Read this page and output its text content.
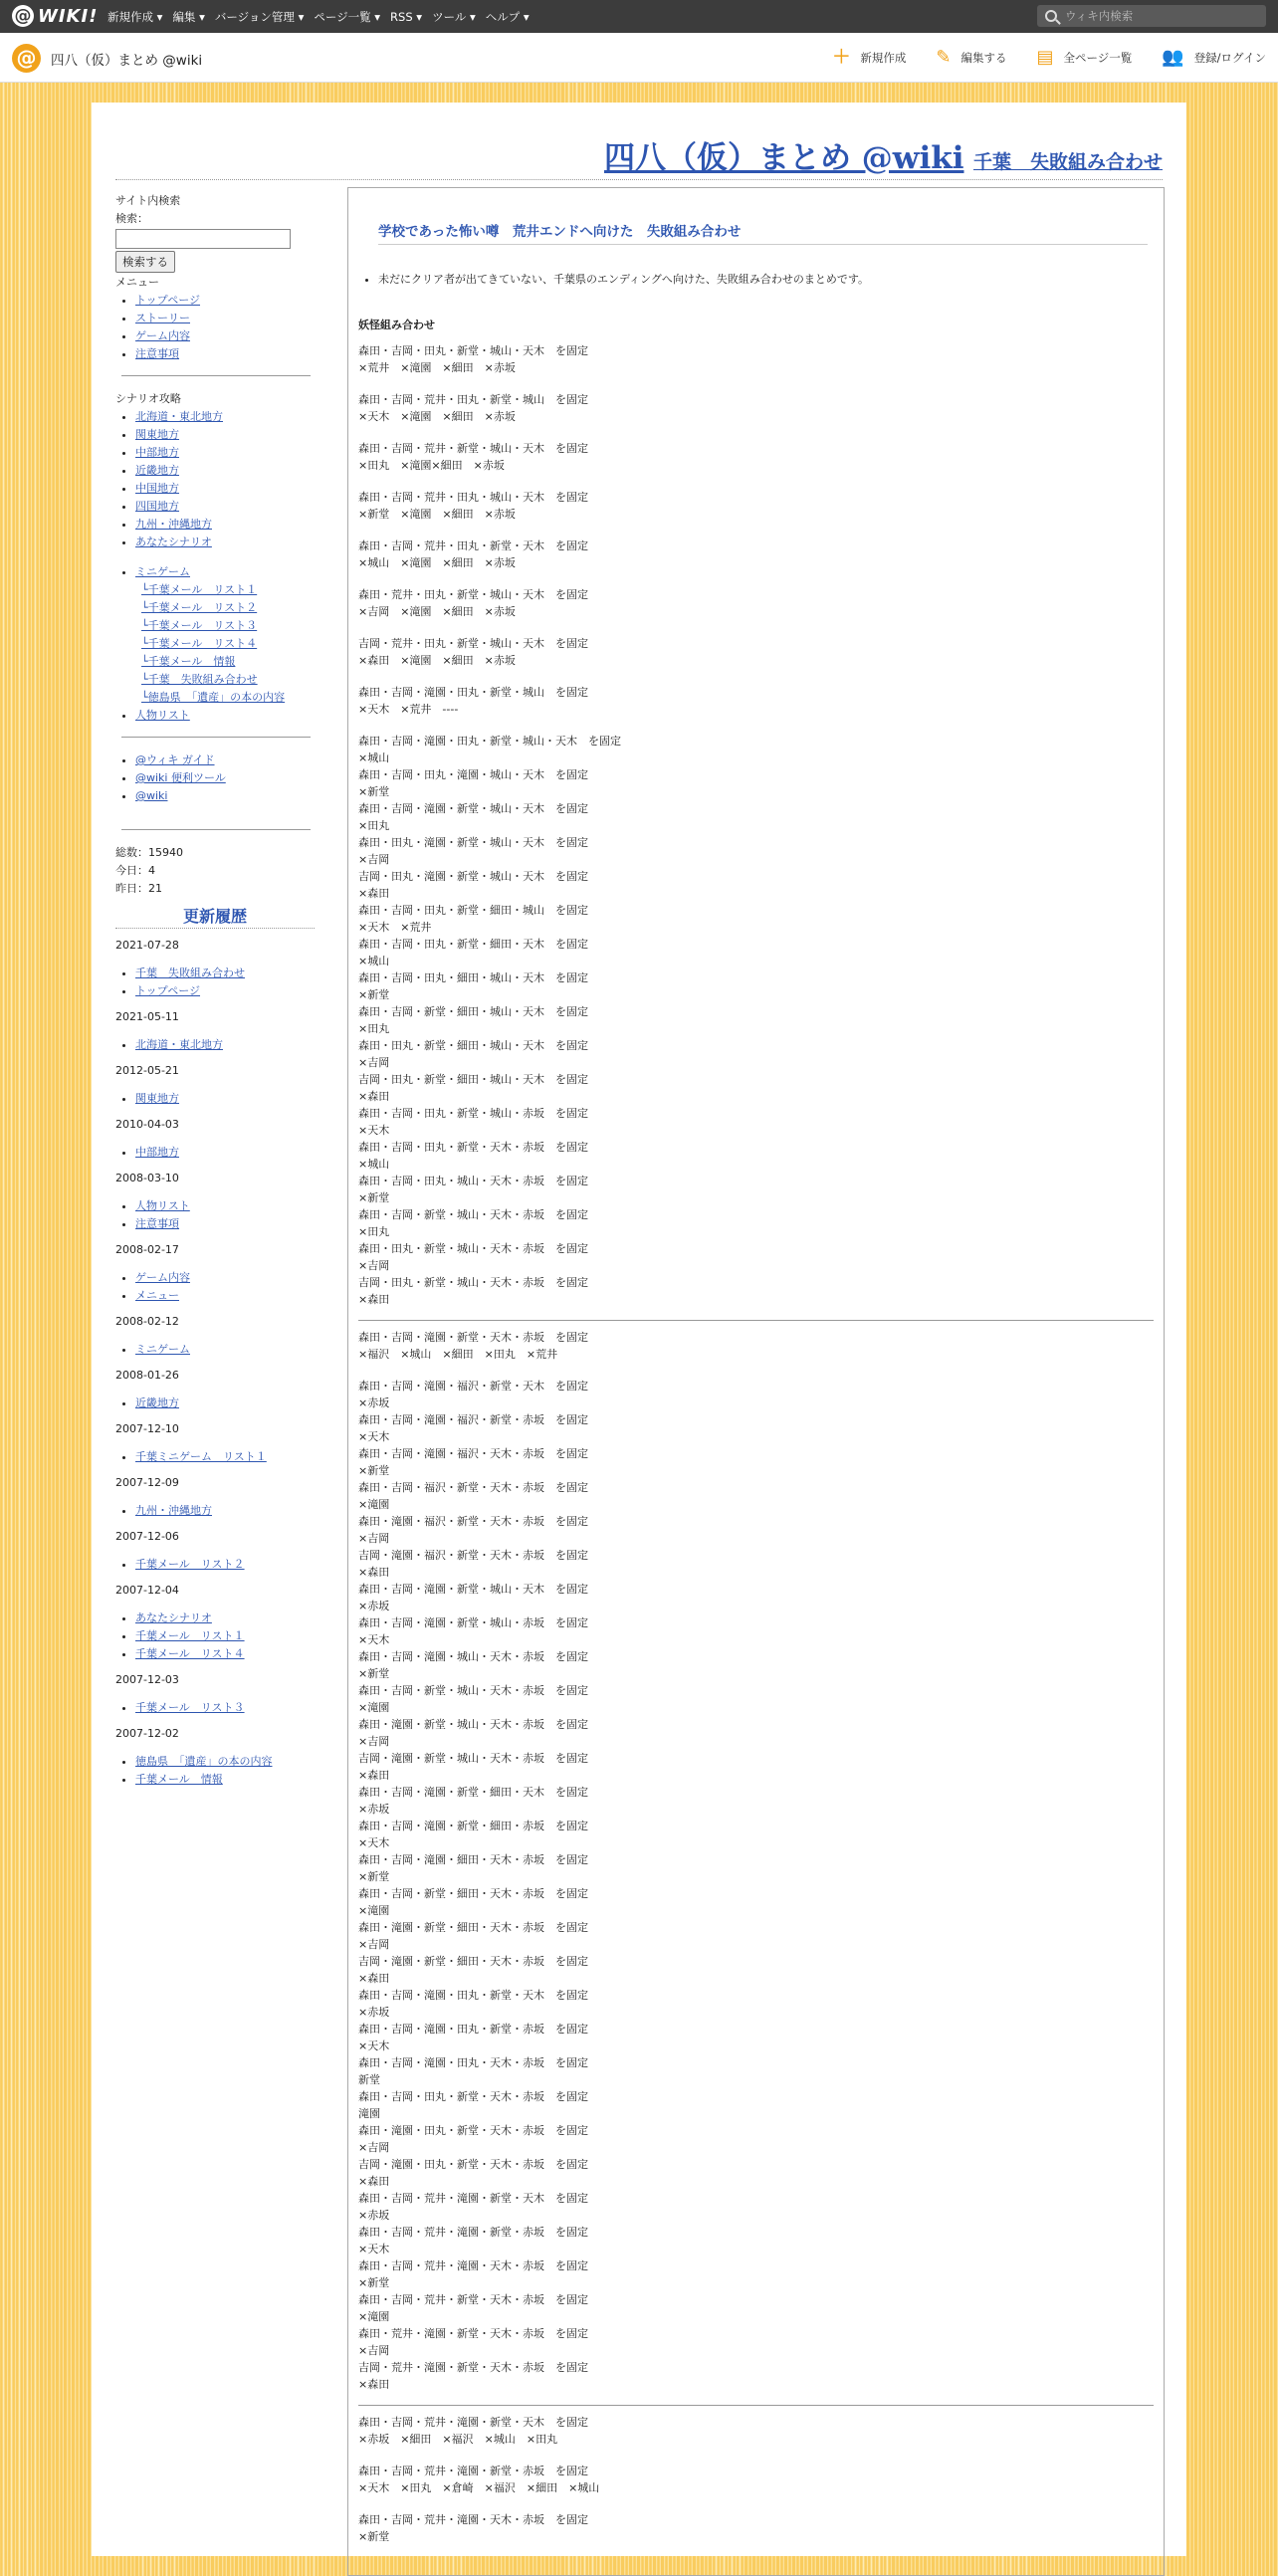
@ WIKI! 新規作成 ▾ 編集 ▾ バージョン管理 ▾ ページ一覧 ▾ RSS ▾ ツール ▾ ヘルプ ▾	ウィキ内検索
@	四八（仮）まとめ @wiki	＋ 新規作成 ✎ 編集する ▤ 全ページ一覧 👥 登録/ログイン
四八（仮）まとめ @wiki 千葉　失敗組み合わせ
サイト内検索
検索：
検索する
メニュー
• トップページ
• ストーリー
• ゲーム内容
• 注意事項
シナリオ攻略
• 北海道・東北地方
• 関東地方
• 中部地方
• 近畿地方
• 中国地方
• 四国地方
• 九州・沖縄地方
• あなたシナリオ
• ミニゲーム
└千葉メール　リスト１
└千葉メール　リスト２
└千葉メール　リスト３
└千葉メール　リスト４
└千葉メール　情報
└千葉　失敗組み合わせ
└徳島県　「遺産」の本の内容
• 人物リスト
• @ウィキ ガイド
• @wiki 便利ツール
• @wiki
総数：15940
今日：4
昨日：21
更新履歴
2021-07-28
• 千葉　失敗組み合わせ
• トップページ
2021-05-11
• 北海道・東北地方
2012-05-21
• 関東地方
2010-04-03
• 中部地方
2008-03-10
• 人物リスト
• 注意事項
2008-02-17
• ゲーム内容
• メニュー
2008-02-12
• ミニゲーム
2008-01-26
• 近畿地方
2007-12-10
• 千葉ミニゲーム　リスト１
2007-12-09
• 九州・沖縄地方
2007-12-06
• 千葉メール　リスト２
2007-12-04
• あなたシナリオ
• 千葉メール　リスト１
• 千葉メール　リスト４
2007-12-03
• 千葉メール　リスト３
2007-12-02
• 徳島県　「遺産」の本の内容
• 千葉メール　情報
学校であった怖い噂　荒井エンドへ向けた　失敗組み合わせ
• 未だにクリア者が出てきていない、千葉県のエンディングへ向けた、失敗組み合わせのまとめです。
妖怪組み合わせ
森田・吉岡・田丸・新堂・城山・天木　を固定
×荒井　×滝園　×細田　×赤坂
森田・吉岡・荒井・田丸・新堂・城山　を固定
×天木　×滝園　×細田　×赤坂
森田・吉岡・荒井・新堂・城山・天木　を固定
×田丸　×滝園×細田　×赤坂
森田・吉岡・荒井・田丸・城山・天木　を固定
×新堂　×滝園　×細田　×赤坂
森田・吉岡・荒井・田丸・新堂・天木　を固定
×城山　×滝園　×細田　×赤坂
森田・荒井・田丸・新堂・城山・天木　を固定
×吉岡　×滝園　×細田　×赤坂
吉岡・荒井・田丸・新堂・城山・天木　を固定
×森田　×滝園　×細田　×赤坂
森田・吉岡・滝園・田丸・新堂・城山　を固定
×天木　×荒井　----
森田・吉岡・滝園・田丸・新堂・城山・天木　を固定
×城山
森田・吉岡・田丸・滝園・城山・天木　を固定
×新堂
森田・吉岡・滝園・新堂・城山・天木　を固定
×田丸
森田・田丸・滝園・新堂・城山・天木　を固定
×吉岡
吉岡・田丸・滝園・新堂・城山・天木　を固定
×森田
森田・吉岡・田丸・新堂・細田・城山　を固定
×天木　×荒井
森田・吉岡・田丸・新堂・細田・天木　を固定
×城山
森田・吉岡・田丸・細田・城山・天木　を固定
×新堂
森田・吉岡・新堂・細田・城山・天木　を固定
×田丸
森田・田丸・新堂・細田・城山・天木　を固定
×吉岡
吉岡・田丸・新堂・細田・城山・天木　を固定
×森田
森田・吉岡・田丸・新堂・城山・赤坂　を固定
×天木
森田・吉岡・田丸・新堂・天木・赤坂　を固定
×城山
森田・吉岡・田丸・城山・天木・赤坂　を固定
×新堂
森田・吉岡・新堂・城山・天木・赤坂　を固定
×田丸
森田・田丸・新堂・城山・天木・赤坂　を固定
×吉岡
吉岡・田丸・新堂・城山・天木・赤坂　を固定
×森田
森田・吉岡・滝園・新堂・天木・赤坂　を固定
×福沢　×城山　×細田　×田丸　×荒井
森田・吉岡・滝園・福沢・新堂・天木　を固定
×赤坂
森田・吉岡・滝園・福沢・新堂・赤坂　を固定
×天木
森田・吉岡・滝園・福沢・天木・赤坂　を固定
×新堂
森田・吉岡・福沢・新堂・天木・赤坂　を固定
×滝園
森田・滝園・福沢・新堂・天木・赤坂　を固定
×吉岡
吉岡・滝園・福沢・新堂・天木・赤坂　を固定
×森田
森田・吉岡・滝園・新堂・城山・天木　を固定
×赤坂
森田・吉岡・滝園・新堂・城山・赤坂　を固定
×天木
森田・吉岡・滝園・城山・天木・赤坂　を固定
×新堂
森田・吉岡・新堂・城山・天木・赤坂　を固定
×滝園
森田・滝園・新堂・城山・天木・赤坂　を固定
×吉岡
吉岡・滝園・新堂・城山・天木・赤坂　を固定
×森田
森田・吉岡・滝園・新堂・細田・天木　を固定
×赤坂
森田・吉岡・滝園・新堂・細田・赤坂　を固定
×天木
森田・吉岡・滝園・細田・天木・赤坂　を固定
×新堂
森田・吉岡・新堂・細田・天木・赤坂　を固定
×滝園
森田・滝園・新堂・細田・天木・赤坂　を固定
×吉岡
吉岡・滝園・新堂・細田・天木・赤坂　を固定
×森田
森田・吉岡・滝園・田丸・新堂・天木　を固定
×赤坂
森田・吉岡・滝園・田丸・新堂・赤坂　を固定
×天木
森田・吉岡・滝園・田丸・天木・赤坂　を固定
新堂
森田・吉岡・田丸・新堂・天木・赤坂　を固定
滝園
森田・滝園・田丸・新堂・天木・赤坂　を固定
×吉岡
吉岡・滝園・田丸・新堂・天木・赤坂　を固定
×森田
森田・吉岡・荒井・滝園・新堂・天木　を固定
×赤坂
森田・吉岡・荒井・滝園・新堂・赤坂　を固定
×天木
森田・吉岡・荒井・滝園・天木・赤坂　を固定
×新堂
森田・吉岡・荒井・新堂・天木・赤坂　を固定
×滝園
森田・荒井・滝園・新堂・天木・赤坂　を固定
×吉岡
吉岡・荒井・滝園・新堂・天木・赤坂　を固定
×森田
森田・吉岡・荒井・滝園・新堂・天木　を固定
×赤坂　×細田　×福沢　×城山　×田丸
森田・吉岡・荒井・滝園・新堂・赤坂　を固定
×天木　×田丸　×倉崎　×福沢　×細田　×城山
森田・吉岡・荒井・滝園・天木・赤坂　を固定
×新堂
